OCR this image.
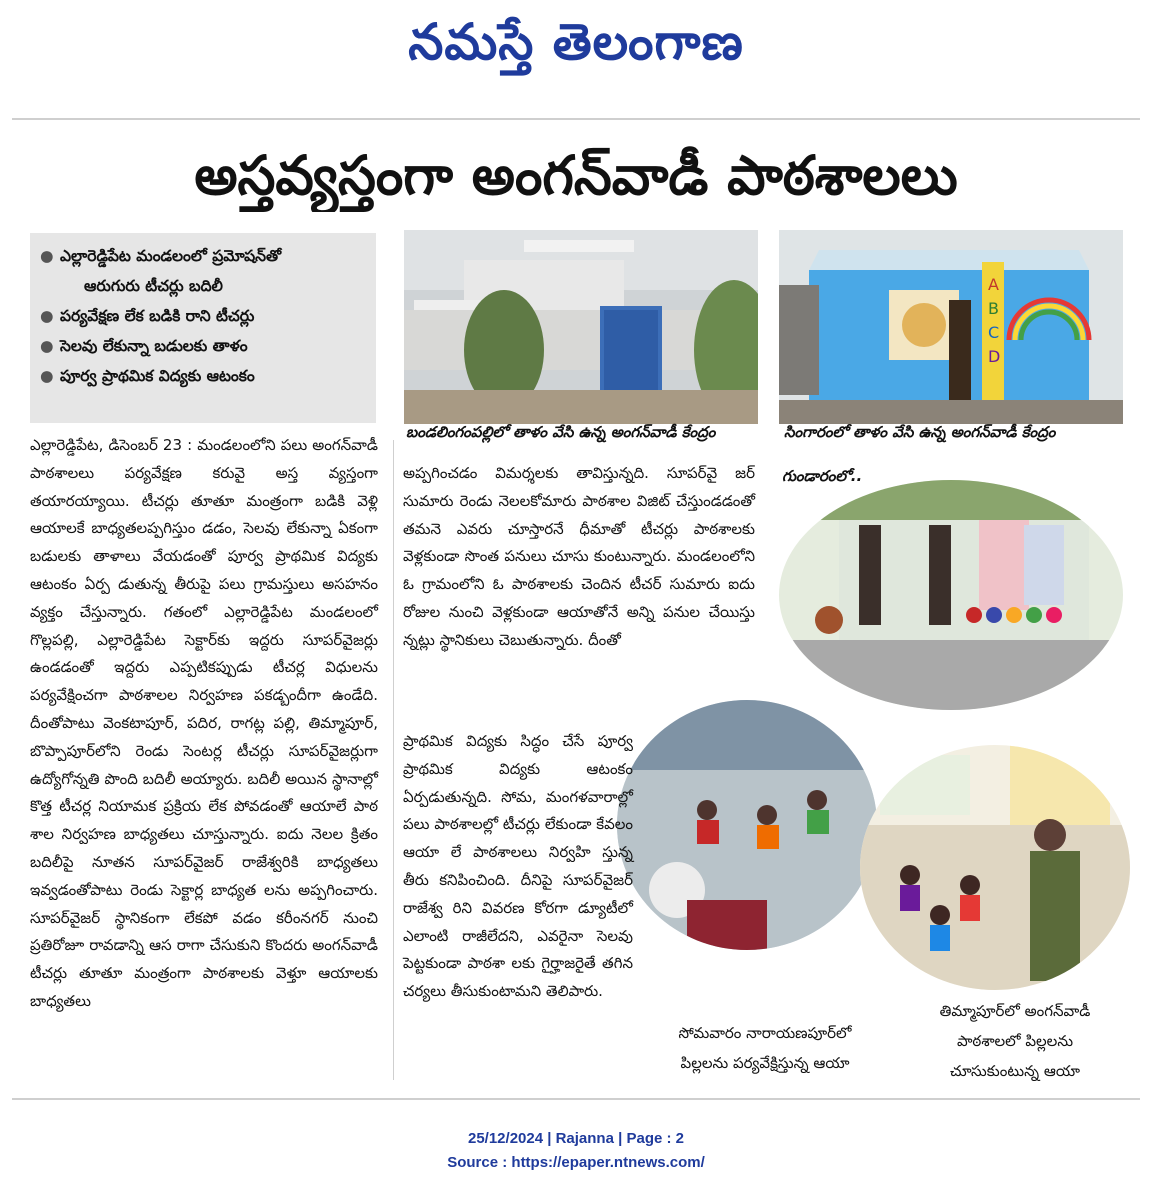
నమస్తే తెలంగాణ
అస్తవ్యస్తంగా అంగన్‌వాడీ పాఠశాలలు
● ఎల్లారెడ్డిపేట మండలంలో ప్రమోషన్‌తో
ఆరుగురు టీచర్లు బదిలీ
● పర్యవేక్షణ లేక బడికి రాని టీచర్లు
● సెలవు లేకున్నా బడులకు తాళం
● పూర్వ ప్రాథమిక విద్యకు ఆటంకం
బండలింగంపల్లిలో తాళం వేసి ఉన్న అంగన్‌వాడీ కేంద్రం
A
B
C
D
సింగారంలో తాళం వేసి ఉన్న అంగన్‌వాడీ కేంద్రం
గుండారంలో..

ఎల్లారెడ్డిపేట, డిసెంబర్ 23 : మండలంలోని పలు అంగన్‌వాడీ పాఠశాలలు పర్యవేక్షణ కరువై అస్త వ్యస్తంగా తయారయ్యాయి. టీచర్లు తూతూ మంత్రంగా బడికి వెళ్లి ఆయాలకే బాధ్యతలప్పగిస్తుం డడం, సెలవు లేకున్నా ఏకంగా బడులకు తాళాలు వేయడంతో పూర్వ ప్రాథమిక విద్యకు ఆటంకం ఏర్ప డుతున్న తీరుపై పలు గ్రామస్తులు అసహనం వ్యక్తం చేస్తున్నారు. గతంలో ఎల్లారెడ్డిపేట మండలంలో గొల్లపల్లి, ఎల్లారెడ్డిపేట సెక్టార్‌కు ఇద్దరు సూపర్‌వైజర్లు ఉండడంతో ఇద్దరు ఎప్పటికప్పుడు టీచర్ల విధులను పర్యవేక్షించగా పాఠశాలల నిర్వహణ పకడ్బందీగా ఉండేది. దీంతోపాటు వెంకటాపూర్, పదిర, రాగట్ల పల్లి, తిమ్మాపూర్, బొప్పాపూర్‌లోని రెండు సెంటర్ల టీచర్లు సూపర్‌వైజర్లుగా ఉద్యోగోన్నతి పొంది బదిలీ అయ్యారు. బదిలీ అయిన స్థానాల్లో కొత్త టీచర్ల నియామక ప్రక్రియ లేక పోవడంతో ఆయాలే పాఠ శాల నిర్వహణ బాధ్యతలు చూస్తున్నారు. ఐదు నెలల క్రితం బదిలీపై నూతన సూపర్‌వైజర్ రాజేశ్వరికి బాధ్యతలు ఇవ్వడంతోపాటు రెండు సెక్టార్ల బాధ్యత లను అప్పగించారు. సూపర్‌వైజర్ స్థానికంగా లేకపో వడం కరీంనగర్ నుంచి ప్రతిరోజూ రావడాన్ని ఆస రాగా చేసుకుని కొందరు అంగన్‌వాడీ టీచర్లు తూతూ మంత్రంగా పాఠశాలకు వెళ్తూ ఆయాలకు బాధ్యతలు

అప్పగించడం విమర్శలకు తావిస్తున్నది. సూపర్‌వై జర్ సుమారు రెండు నెలలకోమారు పాఠశాల విజిట్ చేస్తుండడంతో తమనె ఎవరు చూస్తారనే ధీమాతో టీచర్లు పాఠశాలకు వెళ్లకుండా సొంత పనులు చూసు కుంటున్నారు. మండలంలోని ఓ గ్రామంలోని ఓ పాఠశాలకు చెందిన టీచర్ సుమారు ఐదు రోజుల నుంచి వెళ్లకుండా ఆయాతోనే అన్ని పనుల చేయిస్తు న్నట్లు స్థానికులు చెబుతున్నారు. దీంతో

ప్రాథమిక విద్యకు సిద్ధం చేసే పూర్వ ప్రాథమిక విద్యకు ఆటంకం ఏర్పడుతున్నది. సోమ, మంగళవారాల్లో పలు పాఠశాలల్లో టీచర్లు లేకుండా కేవలం ఆయా లే పాఠశాలలు నిర్వహి స్తున్న తీరు కనిపించింది. దీనిపై సూపర్‌వైజర్ రాజేశ్వ రిని వివరణ కోరగా డ్యూటీలో ఎలాంటి రాజీలేదని, ఎవరైనా సెలవు పెట్టకుండా పాఠశా లకు గైర్హాజరైతే తగిన చర్యలు తీసుకుంటామని తెలిపారు.

సోమవారం నారాయణపూర్‌లో
పిల్లలను పర్యవేక్షిస్తున్న ఆయా
తిమ్మాపూర్‌లో అంగన్‌వాడీ
పాఠశాలలో పిల్లలను
చూసుకుంటున్న ఆయా
25/12/2024 | Rajanna | Page : 2
Source : https://epaper.ntnews.com/
